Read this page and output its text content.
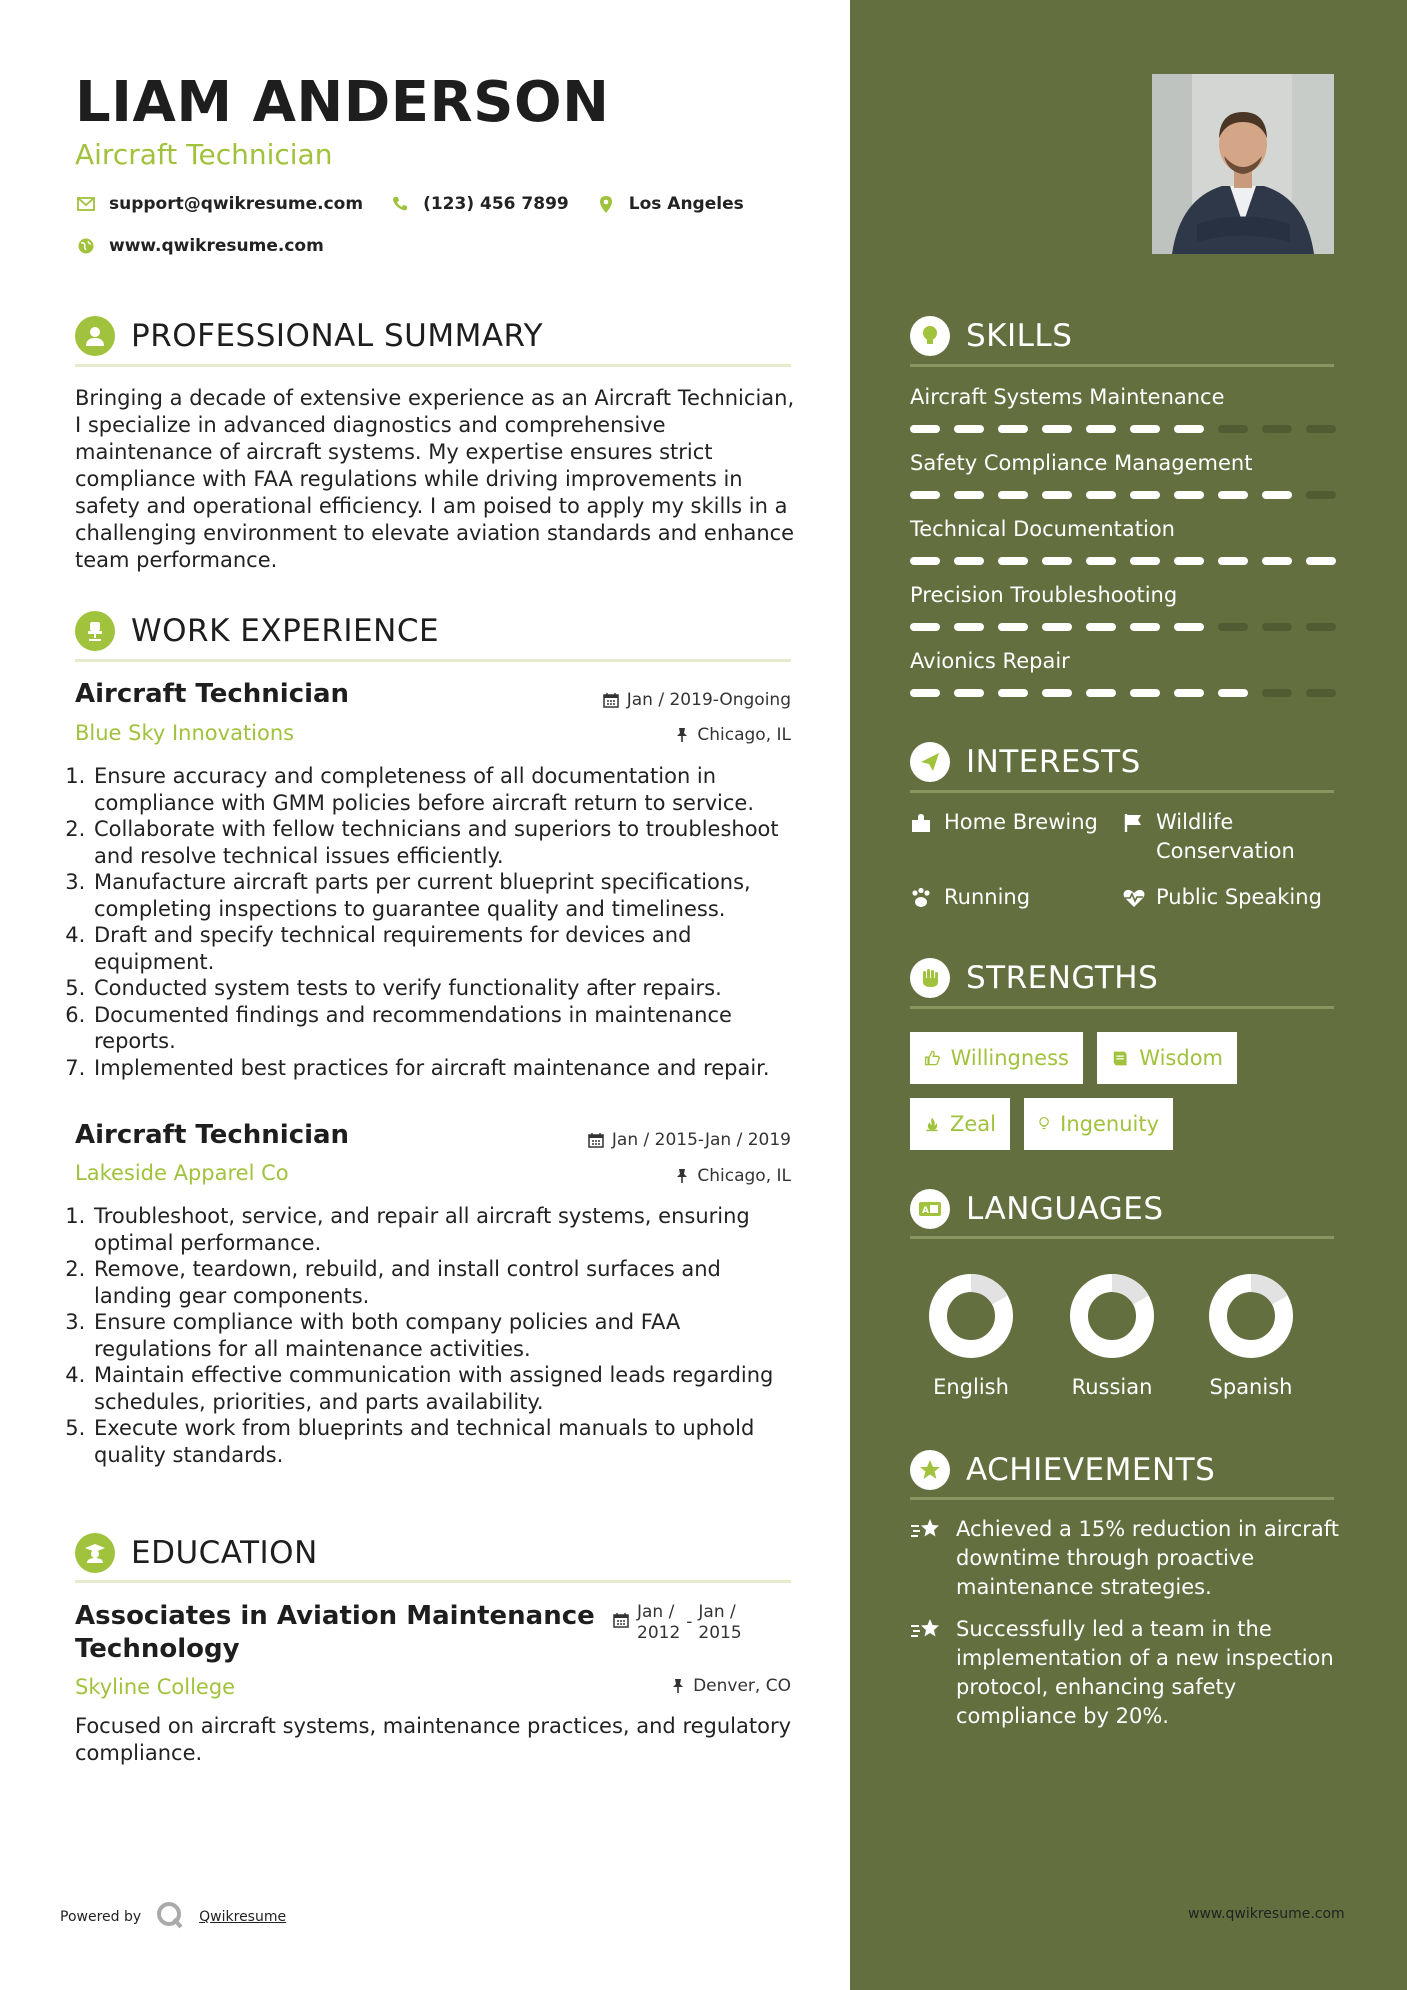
LIAM ANDERSON
Aircraft Technician
support@qwikresume.com	(123) 456 7899	Los Angeles
www.qwikresume.com
PROFESSIONAL SUMMARY
Bringing a decade of extensive experience as an Aircraft Technician,
I specialize in advanced diagnostics and comprehensive
maintenance of aircraft systems. My expertise ensures strict
compliance with FAA regulations while driving improvements in
safety and operational efficiency. I am poised to apply my skills in a
challenging environment to elevate aviation standards and enhance
team performance.
WORK EXPERIENCE
Aircraft Technician	Jan / 2019-Ongoing
Blue Sky Innovations	Chicago, IL
1. Ensure accuracy and completeness of all documentation in
compliance with GMM policies before aircraft return to service.
2. Collaborate with fellow technicians and superiors to troubleshoot
and resolve technical issues efficiently.
3. Manufacture aircraft parts per current blueprint specifications,
completing inspections to guarantee quality and timeliness.
4. Draft and specify technical requirements for devices and
equipment.
5. Conducted system tests to verify functionality after repairs.
6. Documented findings and recommendations in maintenance
reports.
7. Implemented best practices for aircraft maintenance and repair.
Aircraft Technician	Jan / 2015-Jan / 2019
Lakeside Apparel Co	Chicago, IL
1. Troubleshoot, service, and repair all aircraft systems, ensuring
optimal performance.
2. Remove, teardown, rebuild, and install control surfaces and
landing gear components.
3. Ensure compliance with both company policies and FAA
regulations for all maintenance activities.
4. Maintain effective communication with assigned leads regarding
schedules, priorities, and parts availability.
5. Execute work from blueprints and technical manuals to uphold
quality standards.
EDUCATION
Associates in Aviation Maintenance
Technology
Jan /
2012
- Jan /
2015
Skyline College	Denver, CO
Focused on aircraft systems, maintenance practices, and regulatory
compliance.
Powered by	Qwikresume
SKILLS
Aircraft Systems Maintenance
Safety Compliance Management
Technical Documentation
Precision Troubleshooting
Avionics Repair
INTERESTS
Home Brewing	Wildlife
Conservation
Running	Public Speaking
STRENGTHS
Willingness	Wisdom
Zeal	Ingenuity
A LANGUAGES
English	Russian	Spanish
ACHIEVEMENTS
Achieved a 15% reduction in aircraft
downtime through proactive
maintenance strategies.
Successfully led a team in the
implementation of a new inspection
protocol, enhancing safety
compliance by 20%.
www.qwikresume.com
